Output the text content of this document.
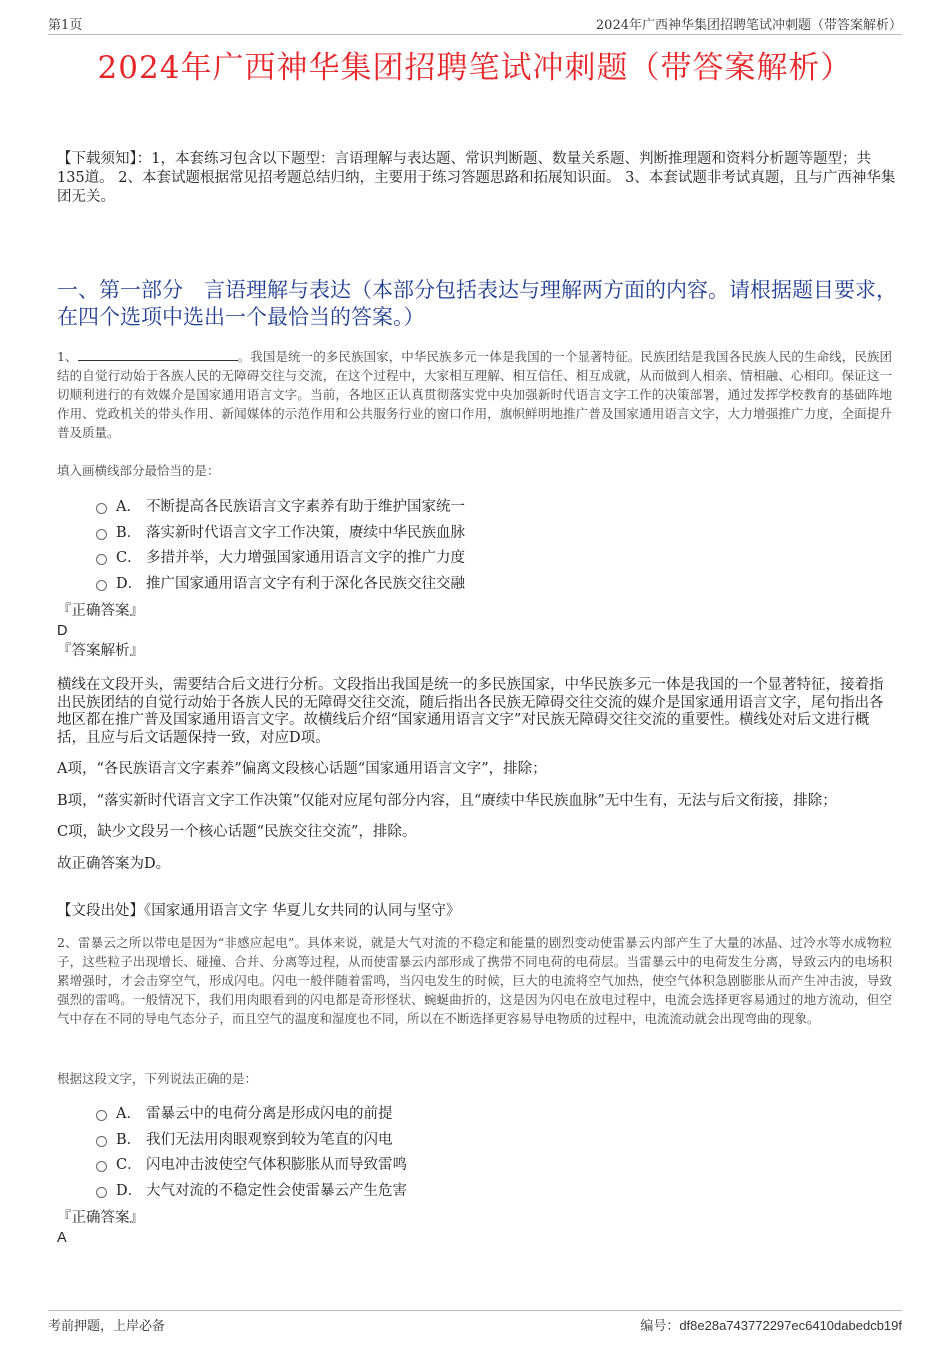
第1页	2024年广西神华集团招聘笔试冲刺题（带答案解析）
2024年广西神华集团招聘笔试冲刺题（带答案解析）
【下载须知】：1，本套练习包含以下题型：言语理解与表达题、常识判断题、数量关系题、判断推理题和资料分析题等题型；共135道。 2、本套试题根据常见招考题总结归纳，主要用于练习答题思路和拓展知识面。 3、本套试题非考试真题，且与广西神华集团无关。
一、第一部分　言语理解与表达（本部分包括表达与理解两方面的内容。请根据题目要求，在四个选项中选出一个最恰当的答案。）
1、	。我国是统一的多民族国家，中华民族多元一体是我国的一个显著特征。民族团结是我国各民族人民的生命线，民族团结的自觉行动始于各族人民的无障碍交往与交流，在这个过程中，大家相互理解、相互信任、相互成就，从而做到人相亲、情相融、心相印。保证这一切顺利进行的有效媒介是国家通用语言文字。当前，各地区正认真贯彻落实党中央加强新时代语言文字工作的决策部署，通过发挥学校教育的基础阵地作用、党政机关的带头作用、新闻媒体的示范作用和公共服务行业的窗口作用，旗帜鲜明地推广普及国家通用语言文字，大力增强推广力度，全面提升普及质量。
填入画横线部分最恰当的是：
A． 不断提高各民族语言文字素养有助于维护国家统一
B． 落实新时代语言文字工作决策，赓续中华民族血脉
C． 多措并举，大力增强国家通用语言文字的推广力度
D． 推广国家通用语言文字有利于深化各民族交往交融
『正确答案』
D
『答案解析』

横线在文段开头，需要结合后文进行分析。文段指出我国是统一的多民族国家，中华民族多元一体是我国的一个显著特征，接着指出民族团结的自觉行动始于各族人民的无障碍交往交流，随后指出各民族无障碍交往交流的媒介是国家通用语言文字，尾句指出各地区都在推广普及国家通用语言文字。故横线后介绍“国家通用语言文字”对民族无障碍交往交流的重要性。横线处对后文进行概括，且应与后文话题保持一致，对应D项。

A项，“各民族语言文字素养”偏离文段核心话题“国家通用语言文字”，排除；

B项，“落实新时代语言文字工作决策”仅能对应尾句部分内容，且“赓续中华民族血脉”无中生有，无法与后文衔接，排除；

C项，缺少文段另一个核心话题“民族交往交流”，排除。

故正确答案为D。

【文段出处】《国家通用语言文字 华夏儿女共同的认同与坚守》
2、雷暴云之所以带电是因为“非感应起电”。具体来说，就是大气对流的不稳定和能量的剧烈变动使雷暴云内部产生了大量的冰晶、过冷水等水成物粒子，这些粒子出现增长、碰撞、合并、分离等过程，从而使雷暴云内部形成了携带不同电荷的电荷层。当雷暴云中的电荷发生分离，导致云内的电场积累增强时，才会击穿空气，形成闪电。闪电一般伴随着雷鸣，当闪电发生的时候，巨大的电流将空气加热，使空气体积急剧膨胀从而产生冲击波，导致强烈的雷鸣。一般情况下，我们用肉眼看到的闪电都是奇形怪状、蜿蜒曲折的，这是因为闪电在放电过程中，电流会选择更容易通过的地方流动，但空气中存在不同的导电气态分子，而且空气的温度和湿度也不同，所以在不断选择更容易导电物质的过程中，电流流动就会出现弯曲的现象。
根据这段文字，下列说法正确的是：
A． 雷暴云中的电荷分离是形成闪电的前提
B． 我们无法用肉眼观察到较为笔直的闪电
C． 闪电冲击波使空气体积膨胀从而导致雷鸣
D． 大气对流的不稳定性会使雷暴云产生危害
『正确答案』
A
考前押题，上岸必备	编号：df8e28a743772297ec6410dabedcb19f
